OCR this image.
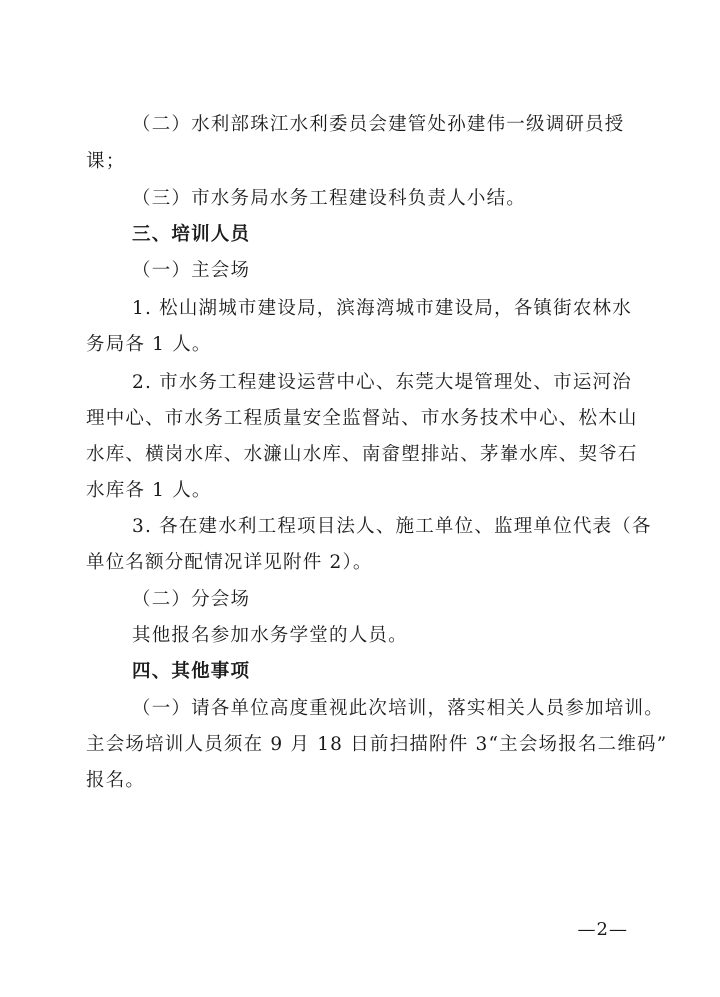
（二）水利部珠江水利委员会建管处孙建伟一级调研员授
课；
（三）市水务局水务工程建设科负责人小结。
三、培训人员
（一）主会场
1. 松山湖城市建设局，滨海湾城市建设局，各镇街农林水
务局各 1 人。
2. 市水务工程建设运营中心、东莞大堤管理处、市运河治
理中心、市水务工程质量安全监督站、市水务技术中心、松木山
水库、横岗水库、水濂山水库、南畲塱排站、茅輋水库、契爷石
水库各 1 人。
3. 各在建水利工程项目法人、施工单位、监理单位代表（各
单位名额分配情况详见附件 2）。
（二）分会场
其他报名参加水务学堂的人员。
四、其他事项
（一）请各单位高度重视此次培训，落实相关人员参加培训。
主会场培训人员须在 9 月 18 日前扫描附件 3“主会场报名二维码”
报名。
—2—
